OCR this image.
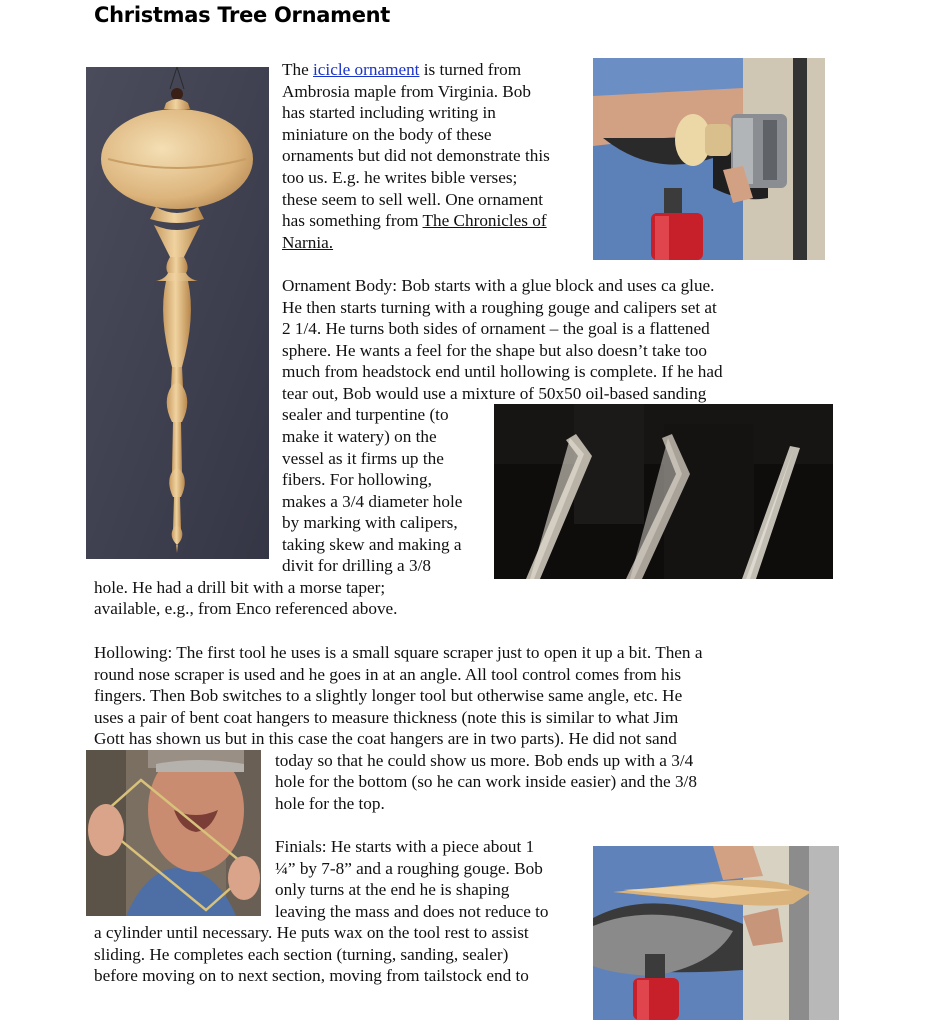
Christmas Tree Ornament
The icicle ornament is turned from
Ambrosia maple from Virginia. Bob
has started including writing in
miniature on the body of these
ornaments but did not demonstrate this
too us. E.g. he writes bible verses;
these seem to sell well. One ornament
has something from The Chronicles of
Narnia.
Ornament Body: Bob starts with a glue block and uses ca glue.
He then starts turning with a roughing gouge and calipers set at
2 1/4. He turns both sides of ornament – the goal is a flattened
sphere. He wants a feel for the shape but also doesn’t take too
much from headstock end until hollowing is complete. If he had
tear out, Bob would use a mixture of 50x50 oil-based sanding
sealer and turpentine (to
make it watery) on the
vessel as it firms up the
fibers. For hollowing,
makes a 3/4 diameter hole
by marking with calipers,
taking skew and making a
divit for drilling a 3/8
hole. He had a drill bit with a morse taper;
available, e.g., from Enco referenced above.
Hollowing: The first tool he uses is a small square scraper just to open it up a bit. Then a
round nose scraper is used and he goes in at an angle. All tool control comes from his
fingers. Then Bob switches to a slightly longer tool but otherwise same angle, etc. He
uses a pair of bent coat hangers to measure thickness (note this is similar to what Jim
Gott has shown us but in this case the coat hangers are in two parts). He did not sand
today so that he could show us more. Bob ends up with a 3/4
hole for the bottom (so he can work inside easier) and the 3/8
hole for the top.
Finials: He starts with a piece about 1
¼” by 7-8” and a roughing gouge. Bob
only turns at the end he is shaping
leaving the mass and does not reduce to
a cylinder until necessary. He puts wax on the tool rest to assist
sliding. He completes each section (turning, sanding, sealer)
before moving on to next section, moving from tailstock end to
